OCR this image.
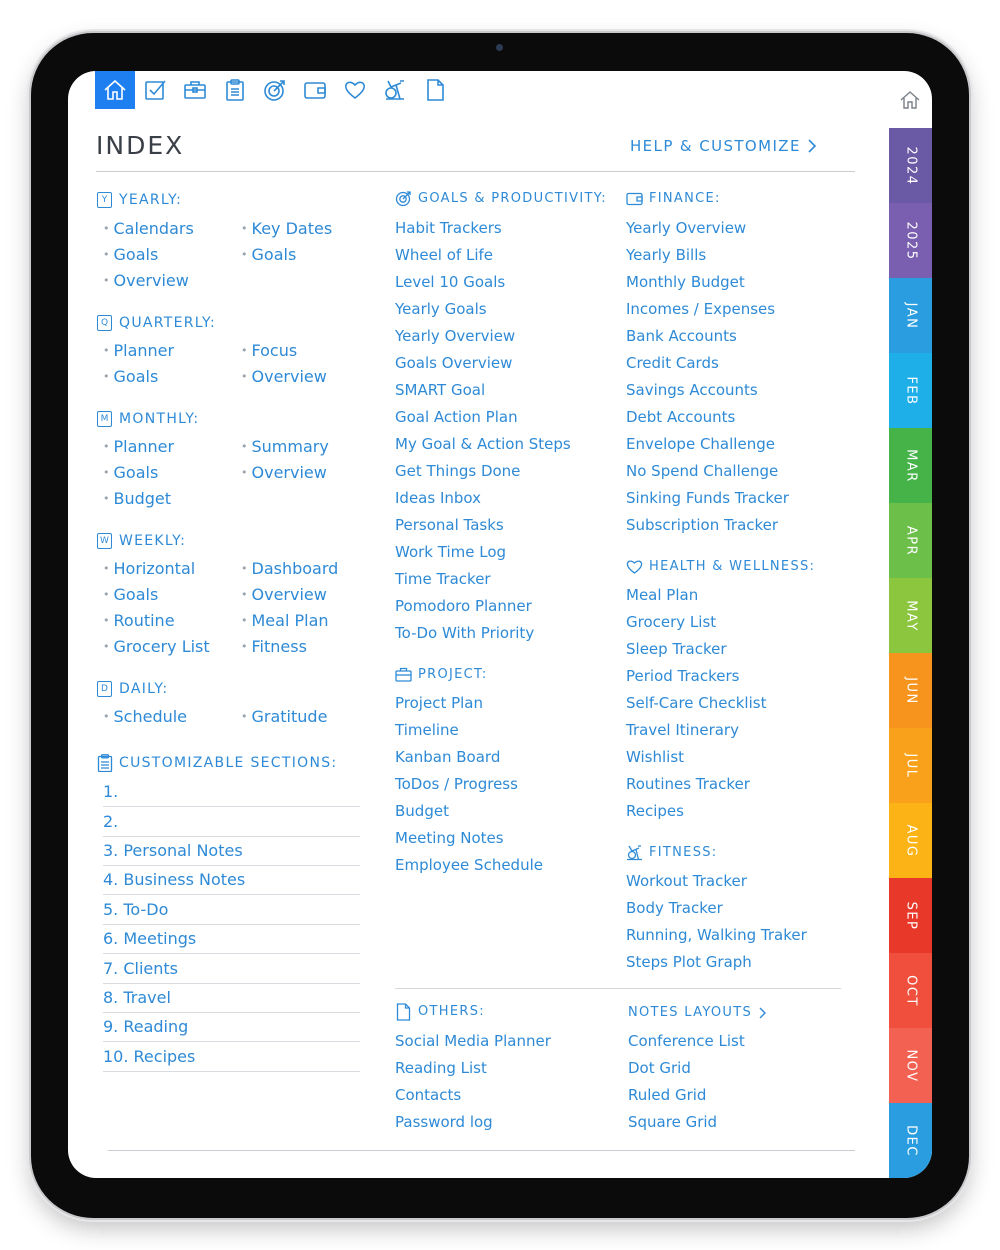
INDEX	HELP & CUSTOMIZE
Y YEARLY:
• Calendars
• Goals
• Overview
• Key Dates
• Goals
Q QUARTERLY:
• Planner
• Goals
• Focus
• Overview
M MONTHLY:
• Planner
• Goals
• Budget
• Summary
• Overview
W WEEKLY:
• Horizontal
• Goals
• Routine
• Grocery List
• Dashboard
• Overview
• Meal Plan
• Fitness
D DAILY:
• Schedule
•	Gratitude
CUSTOMIZABLE SECTIONS:
1.
2.
3. Personal Notes
4. Business Notes
5. To-Do
6. Meetings
7. Clients
8. Travel
9. Reading
10. Recipes
GOALS & PRODUCTIVITY:
Habit Trackers
Wheel of Life
Level 10 Goals
Yearly Goals
Yearly Overview
Goals Overview
SMART Goal
Goal Action Plan
My Goal & Action Steps
Get Things Done
Ideas Inbox
Personal Tasks
Work Time Log
Time Tracker
Pomodoro Planner
To-Do With Priority
PROJECT:
Project Plan
Timeline
Kanban Board
ToDos / Progress
Budget
Meeting Notes
Employee Schedule
FINANCE:
Yearly Overview
Yearly Bills
Monthly Budget
Incomes / Expenses
Bank Accounts
Credit Cards
Savings Accounts
Debt Accounts
Envelope Challenge
No Spend Challenge
Sinking Funds Tracker
Subscription Tracker
HEALTH & WELLNESS:
Meal Plan
Grocery List
Sleep Tracker
Period Trackers
Self-Care Checklist
Travel Itinerary
Wishlist
Routines Tracker
Recipes
FITNESS:
Workout Tracker
Body Tracker
Running, Walking Traker
Steps Plot Graph
OTHERS:
Social Media Planner
Reading List
Contacts
Password log
NOTES LAYOUTS
Conference List
Dot Grid
Ruled Grid
Square Grid
2024
2025
JAN
FEB
MAR
APR
MAY
JUN
JUL
AUG
SEP
OCT
NOV
DEC
